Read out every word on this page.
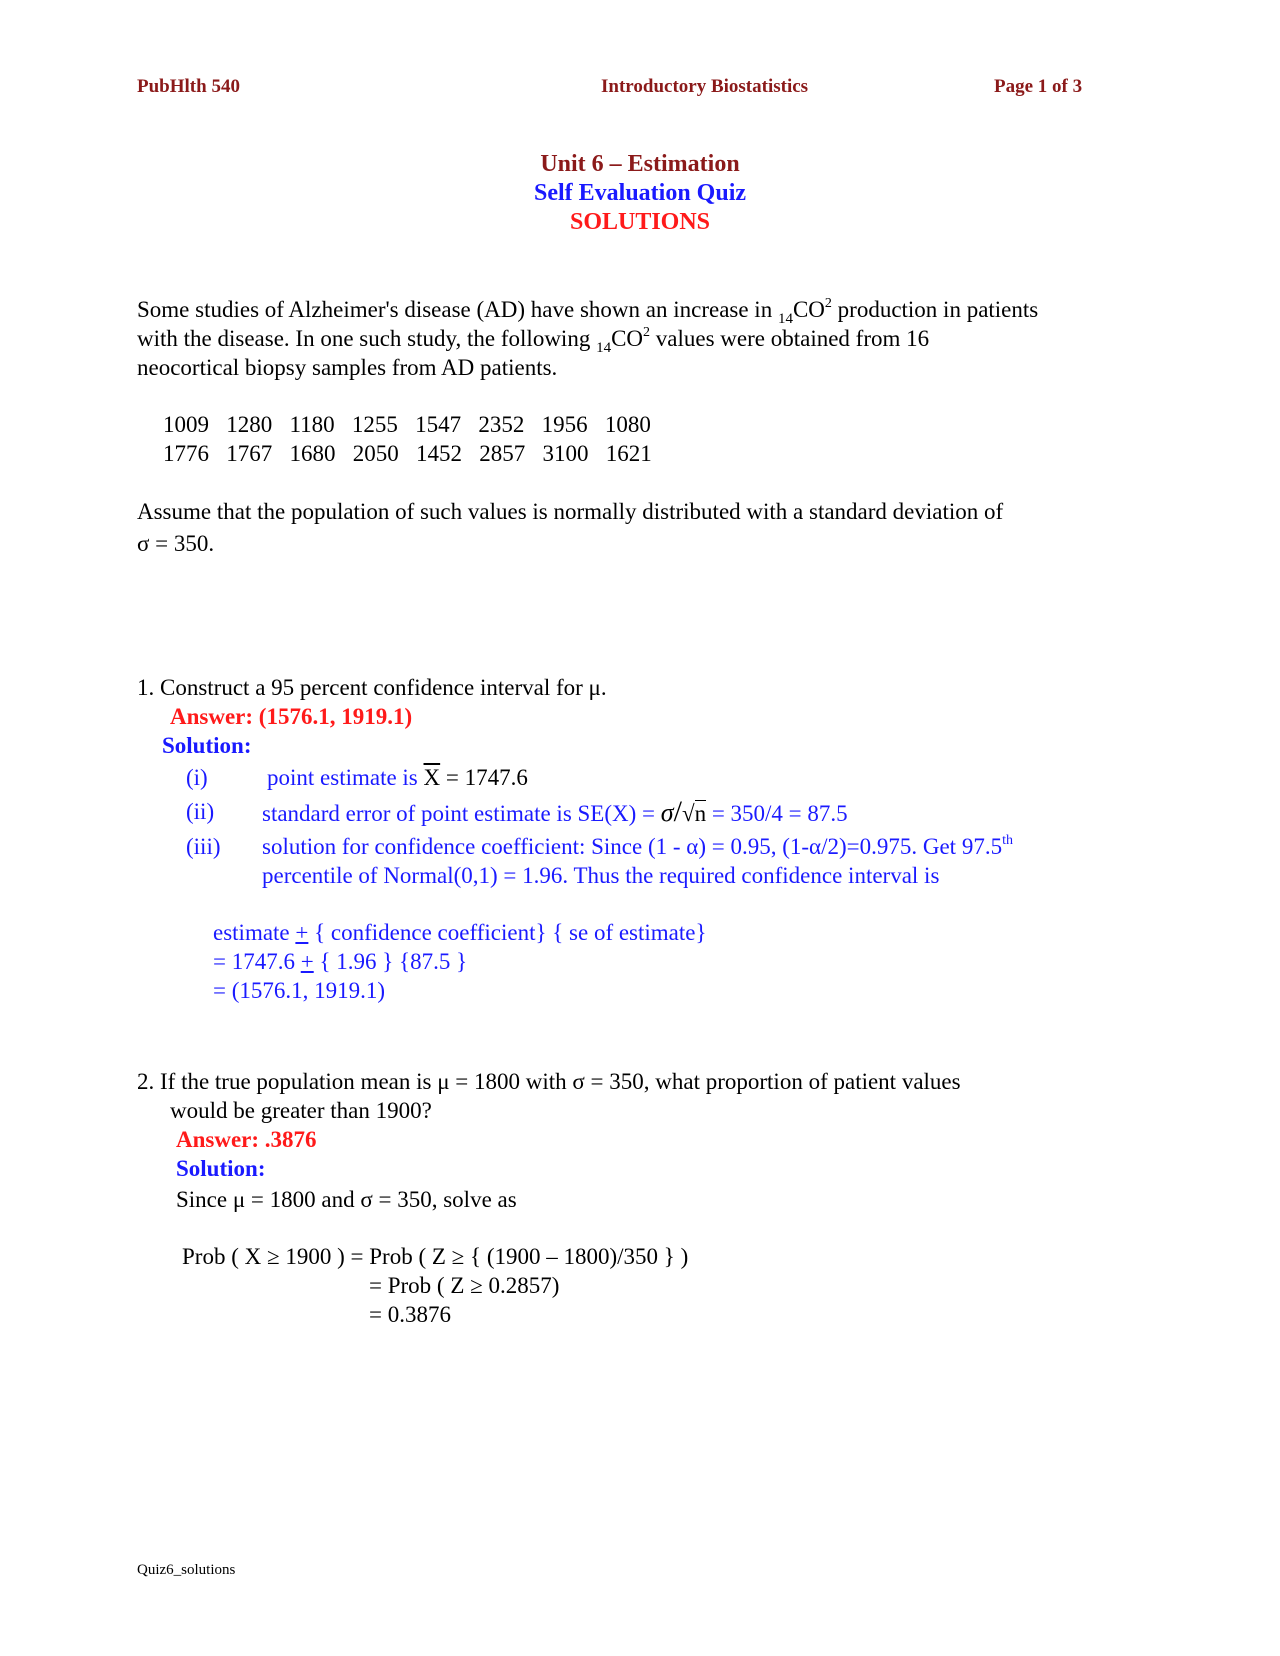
PubHlth 540	Introductory Biostatistics	Page 1 of 3
Unit 6 – Estimation
Self Evaluation Quiz
SOLUTIONS
Some studies of Alzheimer's disease (AD) have shown an increase in $_{14}CO^2$ production in patients
with the disease. In one such study, the following $_{14}CO^2$ values were obtained from 16
neocortical biopsy samples from AD patients.
1009 1280 1180 1255 1547 2352 1956 1080
1776 1767 1680 2050 1452 2857 3100 1621
Assume that the population of such values is normally distributed with a standard deviation of
σ = 350.
1. Construct a 95 percent confidence interval for μ.
Answer: (1576.1, 1919.1)
Solution:
(i)	point estimate is $\overline{X} = 1747.6$
(ii) standard error of point estimate is SE(X) = σ/√n = 350/4 = 87.5
(iii) solution for confidence coefficient: Since (1 - α) = 0.95, (1-α/2)=0.975. Get 97.5th
percentile of Normal(0,1) = 1.96. Thus the required confidence interval is
estimate + { confidence coefficient} { se of estimate}
= 1747.6 + { 1.96 } {87.5 }
= (1576.1, 1919.1)
2. If the true population mean is μ = 1800 with σ = 350, what proportion of patient values
would be greater than 1900?
Answer: .3876
Solution:
Since μ = 1800 and σ = 350, solve as
Prob ( X ≥ 1900 ) = Prob ( Z ≥ { (1900 – 1800)/350 } )
= Prob ( Z ≥ 0.2857)
= 0.3876
Quiz6_solutions
